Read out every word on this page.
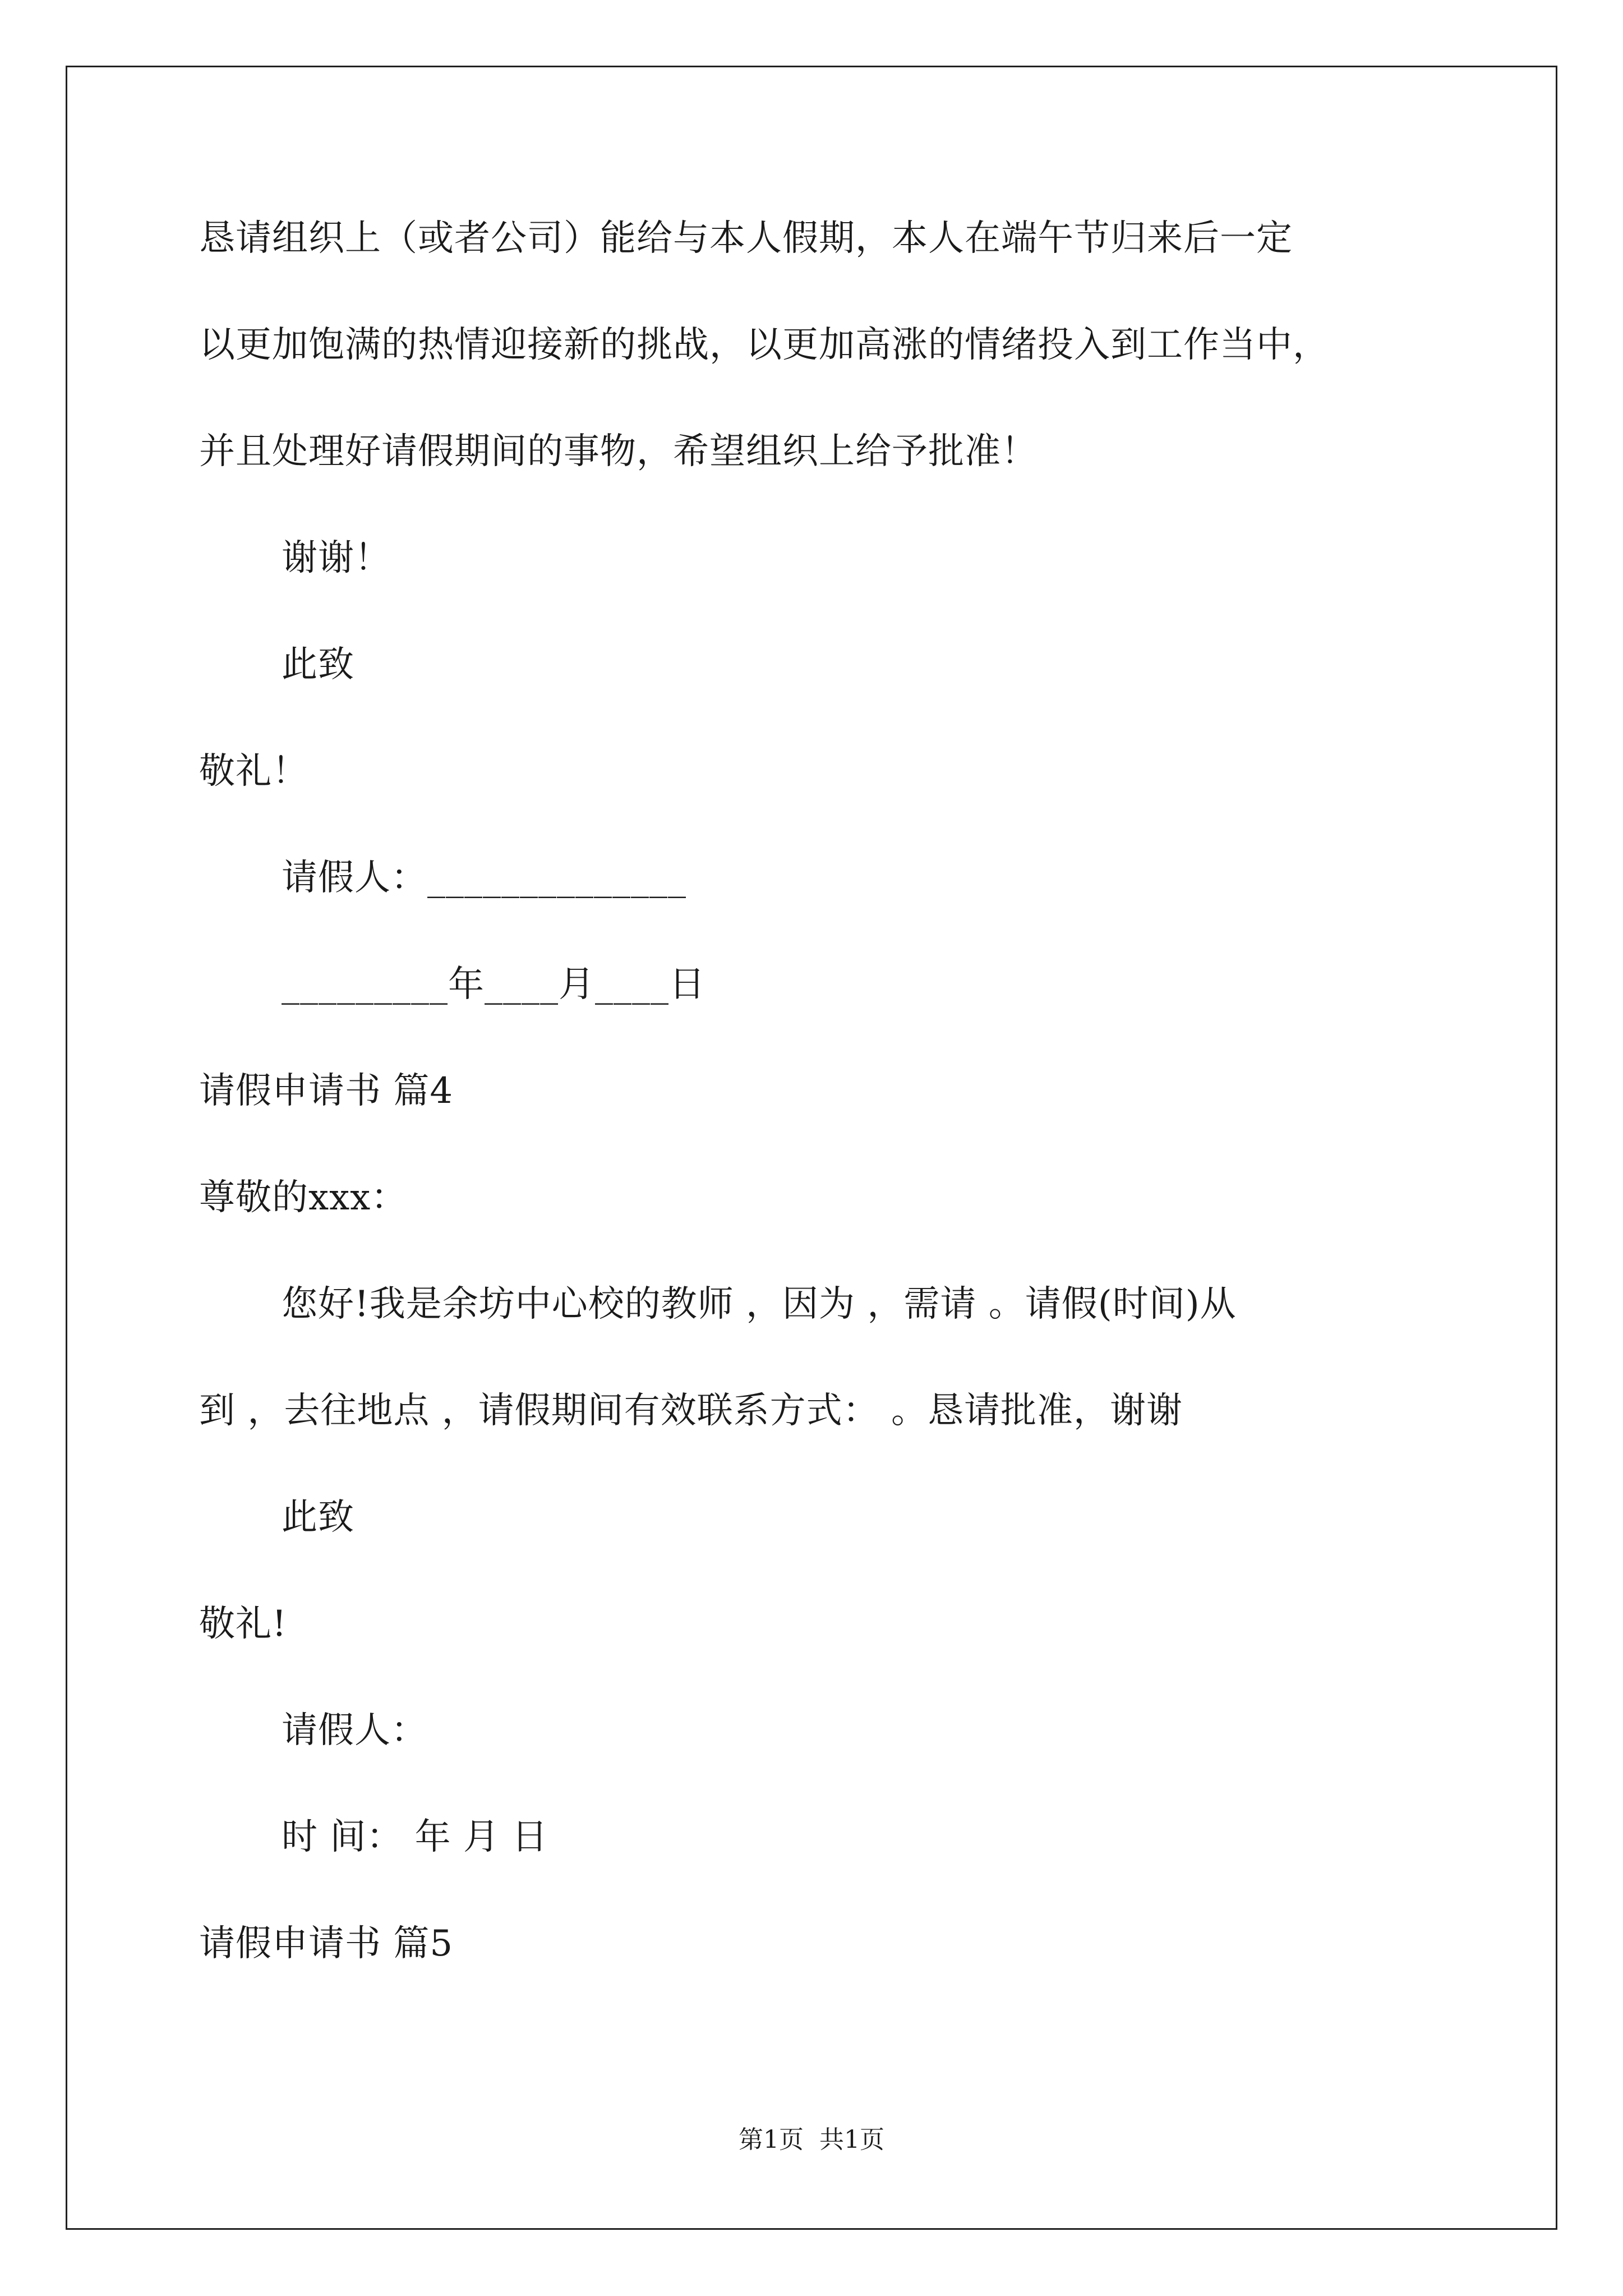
恳请组织上（或者公司）能给与本人假期，本人在端午节归来后一定
以更加饱满的热情迎接新的挑战，以更加高涨的情绪投入到工作当中，
并且处理好请假期间的事物，希望组织上给予批准！
谢谢！
此致
敬礼！
请假人：______________
_________年____月____日
请假申请书 篇4
尊敬的xxx：
您好!我是余坊中心校的教师 ，因为 ，需请 。请假(时间)从
到 ，去往地点 ，请假期间有效联系方式： 。恳请批准，谢谢
此致
敬礼!
请假人：
时 间： 年 月 日
请假申请书 篇5
第1页  共1页
